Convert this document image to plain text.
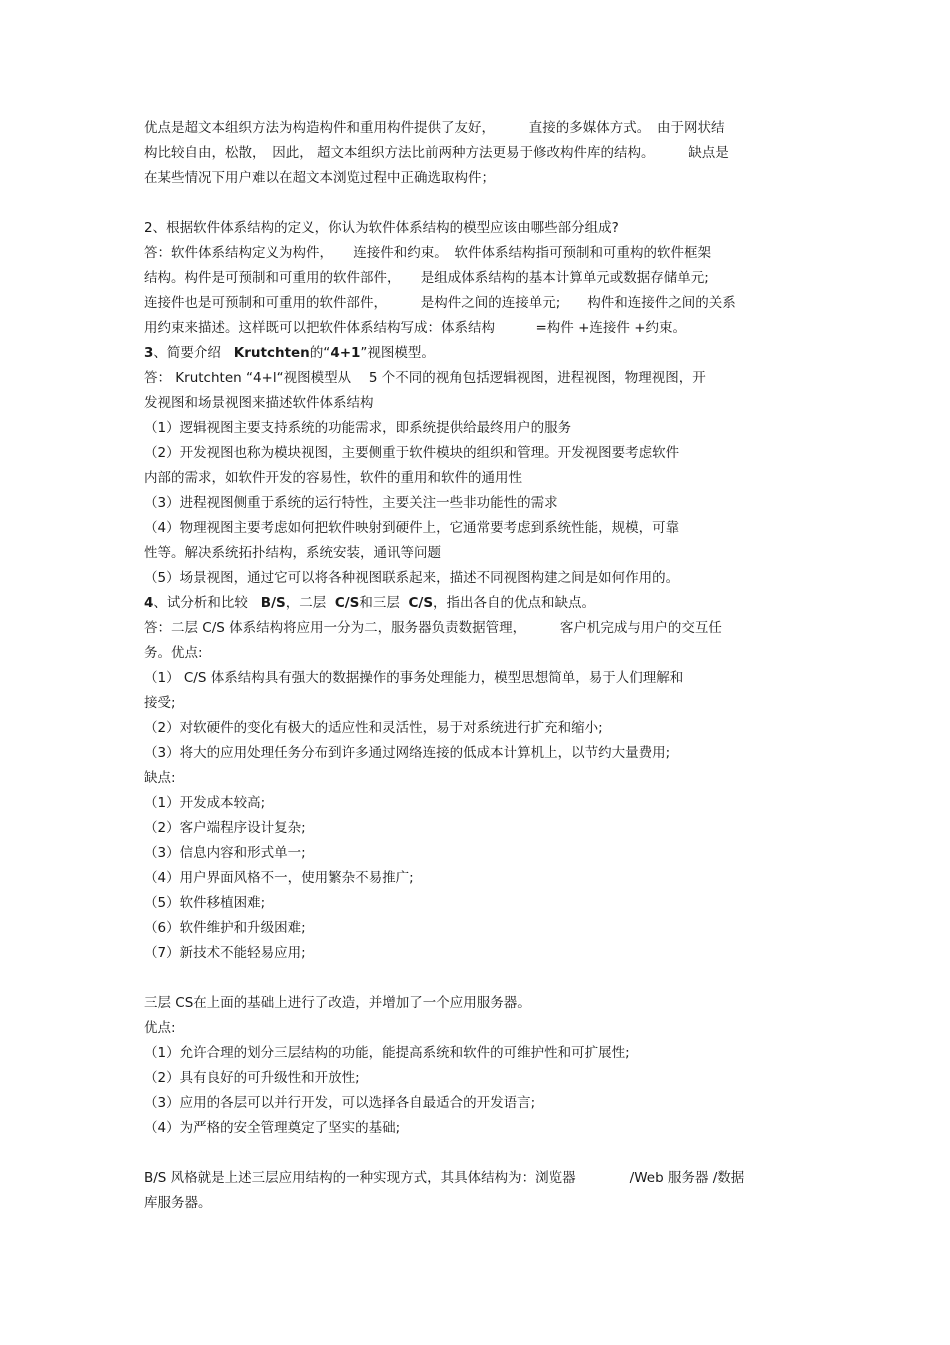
优点是超文本组织方法为构造构件和重用构件提供了友好，　　　直接的多媒体方式。　由于网状结
构比较自由，松散，　因此， 超文本组织方法比前两种方法更易于修改构件库的结构。　　　缺点是
在某些情况下用户难以在超文本浏览过程中正确选取构件；
2、根据软件体系结构的定义，你认为软件体系结构的模型应该由哪些部分组成?
答：软件体系结构定义为构件，　　连接件和约束。　软件体系结构指可预制和可重构的软件框架
结构。构件是可预制和可重用的软件部件，　　是组成体系结构的基本计算单元或数据存储单元;
连接件也是可预制和可重用的软件部件，　　　是构件之间的连接单元;　　构件和连接件之间的关系
用约束来描述。这样既可以把软件体系结构写成：体系结构　　　=构件 +连接件 +约束。
3、简要介绍 Krutchten的“4+1”视图模型。
答： Krutchten “4+l“视图模型从　 5 个不同的视角包括逻辑视图，进程视图，物理视图，开
发视图和场景视图来描述软件体系结构
（1）逻辑视图主要支持系统的功能需求，即系统提供给最终用户的服务
（2）开发视图也称为模块视图，主要侧重于软件模块的组织和管理。开发视图要考虑软件
内部的需求，如软件开发的容易性，软件的重用和软件的通用性
（3）进程视图侧重于系统的运行特性，主要关注一些非功能性的需求
（4）物理视图主要考虑如何把软件映射到硬件上，它通常要考虑到系统性能，规模，可靠
性等。解决系统拓扑结构，系统安装，通讯等问题
（5）场景视图，通过它可以将各种视图联系起来，描述不同视图构建之间是如何作用的。
4、试分析和比较 B/S，二层 C/S和三层 C/S，指出各自的优点和缺点。
答：二层 C/S 体系结构将应用一分为二，服务器负责数据管理，　　　客户机完成与用户的交互任
务。优点:
（1） C/S 体系结构具有强大的数据操作的事务处理能力，模型思想简单，易于人们理解和
接受;
（2）对软硬件的变化有极大的适应性和灵活性，易于对系统进行扩充和缩小;
（3）将大的应用处理任务分布到许多通过网络连接的低成本计算机上，以节约大量费用;
缺点:
（1）开发成本较高;
（2）客户端程序设计复杂;
（3）信息内容和形式单一;
（4）用户界面风格不一，使用繁杂不易推广;
（5）软件移植困难;
（6）软件维护和升级困难;
（7）新技术不能轻易应用;
三层 CS在上面的基础上进行了改造，并增加了一个应用服务器。
优点:
（1）允许合理的划分三层结构的功能，能提高系统和软件的可维护性和可扩展性;
（2）具有良好的可升级性和开放性;
（3）应用的各层可以并行开发，可以选择各自最适合的开发语言;
（4）为严格的安全管理奠定了坚实的基础;
B/S 风格就是上述三层应用结构的一种实现方式，其具体结构为：浏览器　　　　/Web 服务器 /数据
库服务器。
